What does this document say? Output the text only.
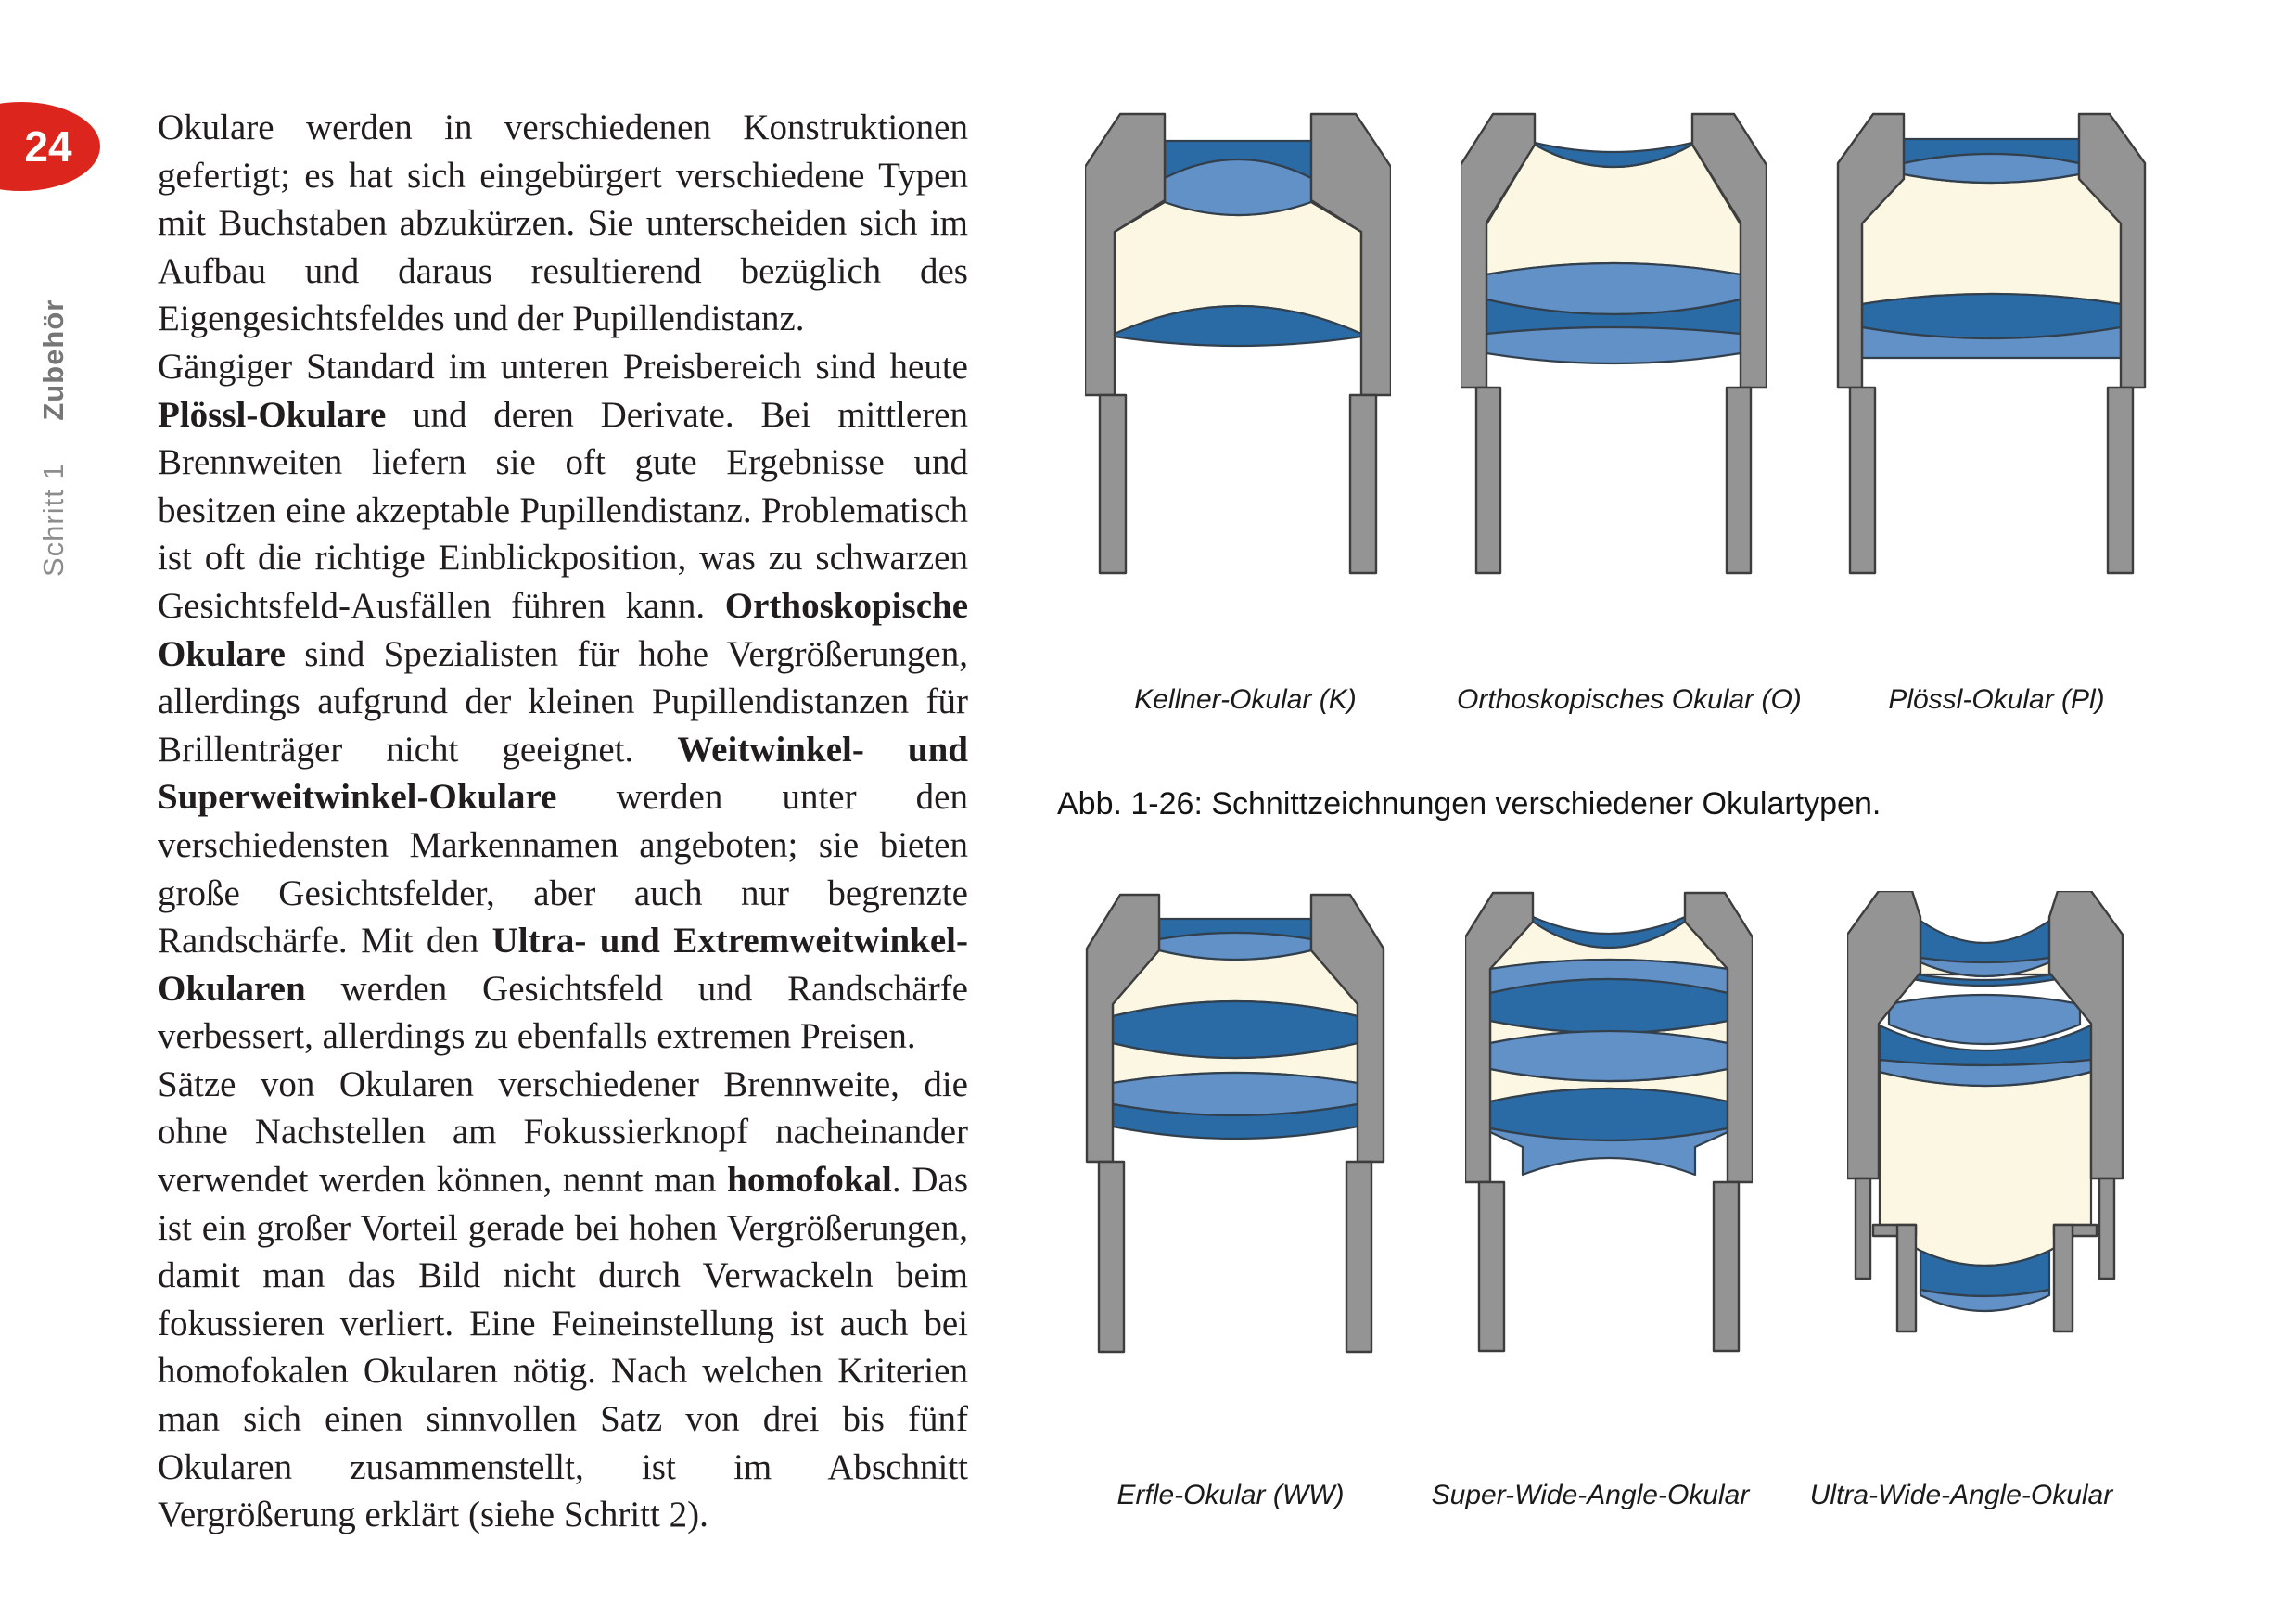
24
Schritt 1 Zubehör

Okulare werden in verschiedenen Konstruktionen gefertigt; es hat sich eingebürgert verschiedene Typen mit Buchstaben abzukürzen. Sie unterscheiden sich im Aufbau und daraus resultierend bezüglich des Eigengesichtsfeldes und der Pupillendistanz.

Gängiger Standard im unteren Preisbereich sind heute Plössl-Okulare und deren Derivate. Bei mittleren Brennweiten liefern sie oft gute Ergebnisse und besitzen eine akzeptable Pupillendistanz. Problematisch ist oft die richtige Einblickposition, was zu schwarzen Gesichtsfeld-Ausfällen führen kann. Orthoskopische Okulare sind Spezialisten für hohe Vergrößerungen, allerdings aufgrund der kleinen Pupillendistanzen für Brillenträger nicht geeignet. Weitwinkel- und Superweitwinkel-Okulare werden unter den verschiedensten Markennamen angeboten; sie bieten große Gesichtsfelder, aber auch nur begrenzte Randschärfe. Mit den Ultra- und Extremweitwinkel-Okularen werden Gesichtsfeld und Randschärfe verbessert, allerdings zu ebenfalls extremen Preisen.

Sätze von Okularen verschiedener Brennweite, die ohne Nachstellen am Fokussierknopf nacheinander verwendet werden können, nennt man homofokal. Das ist ein großer Vorteil gerade bei hohen Vergrößerungen, damit man das Bild nicht durch Verwackeln beim fokussieren verliert. Eine Feineinstellung ist auch bei homofokalen Okularen nötig. Nach welchen Kriterien man sich einen sinnvollen Satz von drei bis fünf Okularen zusammenstellt, ist im Abschnitt Vergrößerung erklärt (siehe Schritt 2).

Kellner-Okular (K)	Orthoskopisches Okular (O)	Plössl-Okular (Pl)
Abb. 1-26: Schnittzeichnungen verschiedener Okulartypen.
Erfle-Okular (WW)	Super-Wide-Angle-Okular	Ultra-Wide-Angle-Okular
